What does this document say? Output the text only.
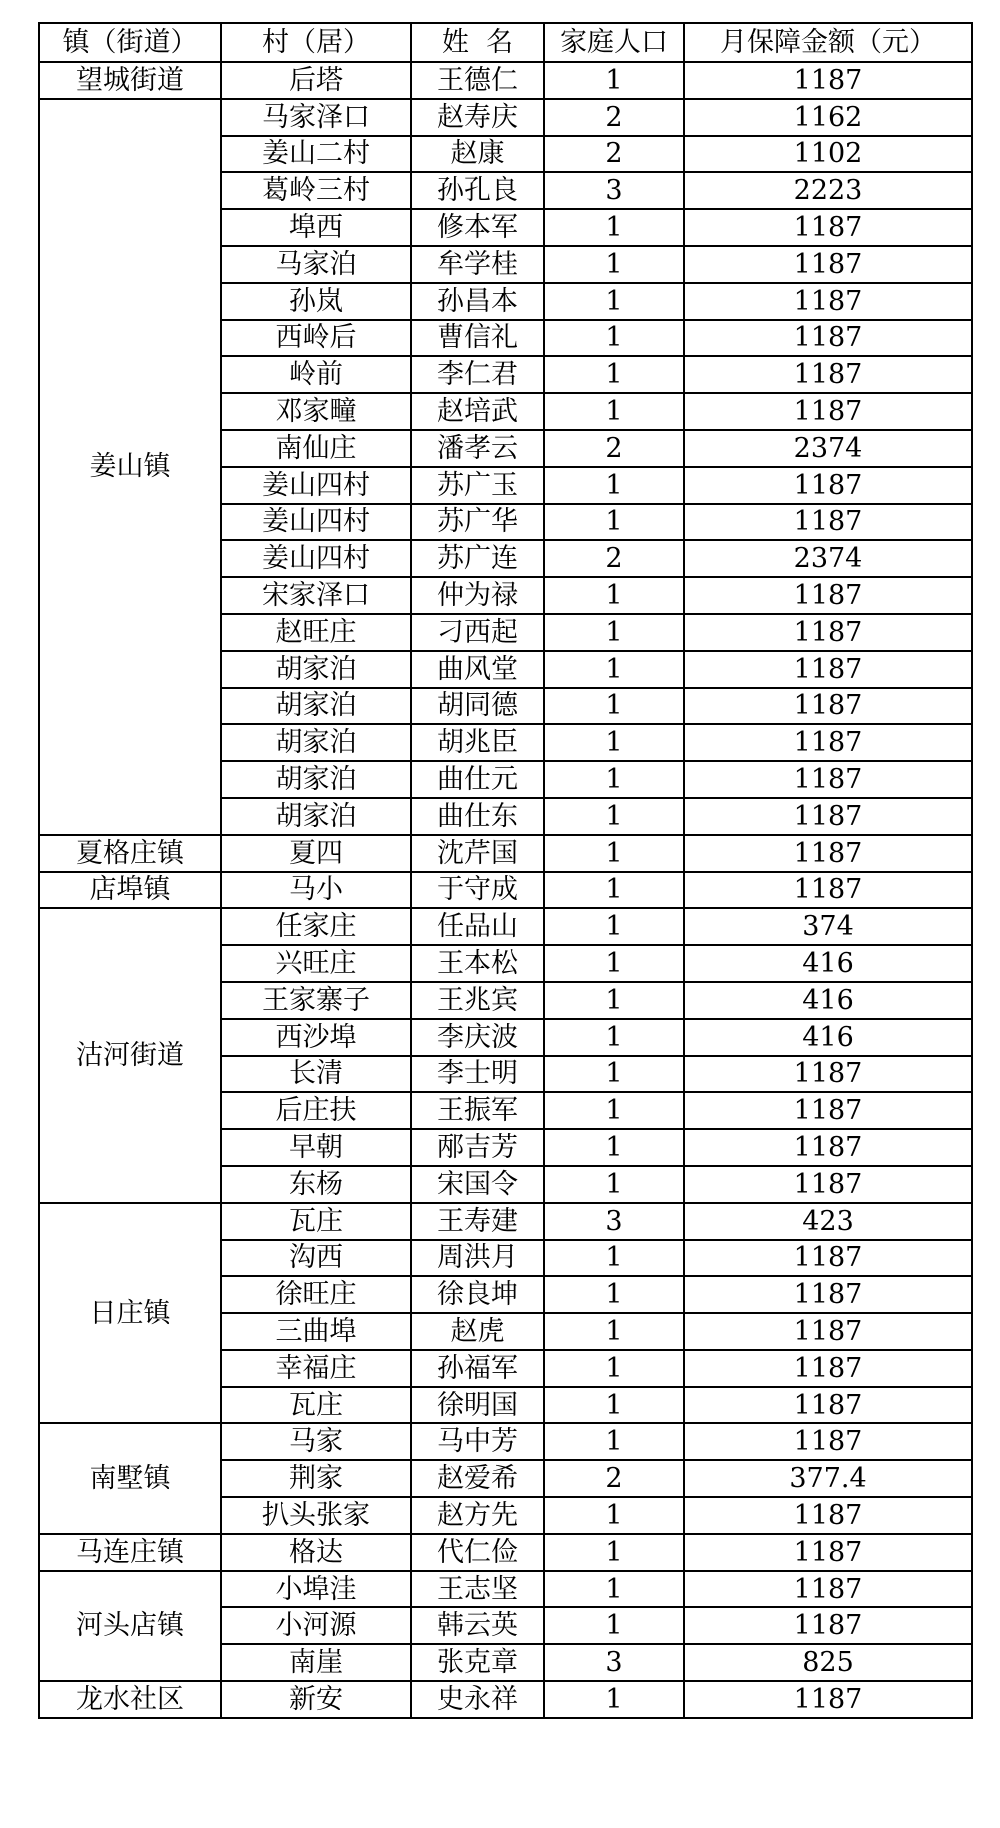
镇（街道）	村（居）	姓  名	家庭人口	月保障金额（元）
望城街道	后塔	王德仁	1	1187
姜山镇	马家泽口	赵寿庆	2	1162
	姜山二村	赵康	2	1102
	葛岭三村	孙孔良	3	2223
	埠西	修本军	1	1187
	马家泊	牟学桂	1	1187
	孙岚	孙昌本	1	1187
	西岭后	曹信礼	1	1187
	岭前	李仁君	1	1187
	邓家疃	赵培武	1	1187
	南仙庄	潘孝云	2	2374
	姜山四村	苏广玉	1	1187
	姜山四村	苏广华	1	1187
	姜山四村	苏广连	2	2374
	宋家泽口	仲为禄	1	1187
	赵旺庄	刁西起	1	1187
	胡家泊	曲风堂	1	1187
	胡家泊	胡同德	1	1187
	胡家泊	胡兆臣	1	1187
	胡家泊	曲仕元	1	1187
	胡家泊	曲仕东	1	1187
夏格庄镇	夏四	沈芹国	1	1187
店埠镇	马小	于守成	1	1187
沽河街道	任家庄	任品山	1	374
	兴旺庄	王本松	1	416
	王家寨子	王兆宾	1	416
	西沙埠	李庆波	1	416
	长清	李士明	1	1187
	后庄扶	王振军	1	1187
	早朝	邴吉芳	1	1187
	东杨	宋国令	1	1187
日庄镇	瓦庄	王寿建	3	423
	沟西	周洪月	1	1187
	徐旺庄	徐良坤	1	1187
	三曲埠	赵虎	1	1187
	幸福庄	孙福军	1	1187
	瓦庄	徐明国	1	1187
南墅镇	马家	马中芳	1	1187
	荆家	赵爱希	2	377.4
	扒头张家	赵方先	1	1187
马连庄镇	格达	代仁俭	1	1187
河头店镇	小埠洼	王志坚	1	1187
	小河源	韩云英	1	1187
	南崖	张克章	3	825
龙水社区	新安	史永祥	1	1187
